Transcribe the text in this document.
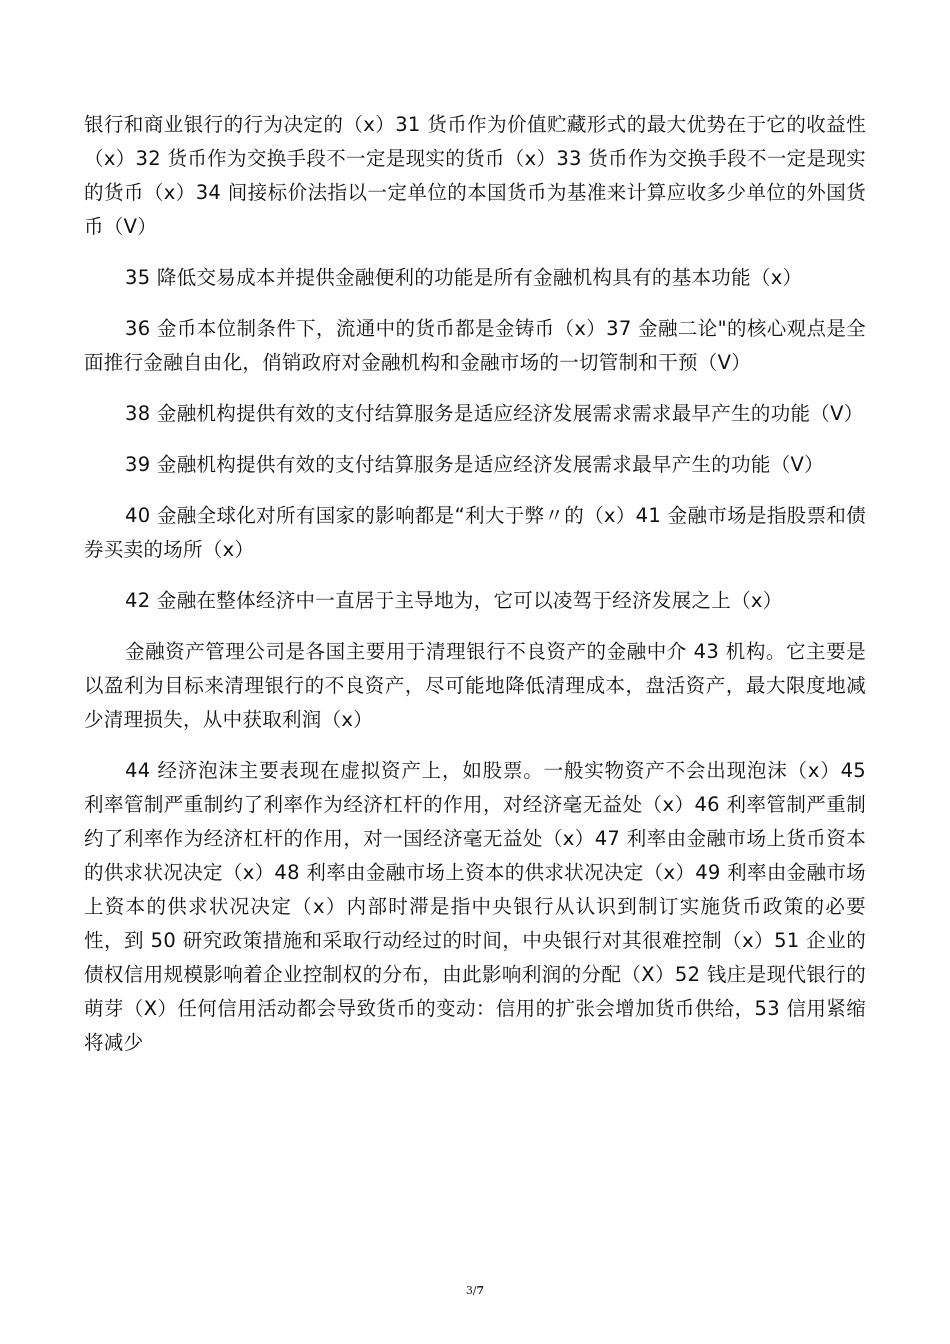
银行和商业银行的行为决定的（x）31 货币作为价值贮藏形式的最大优势在于它的收益性（x）32 货币作为交换手段不一定是现实的货币（x）33 货币作为交换手段不一定是现实的货币（x）34 间接标价法指以一定单位的本国货币为基准来计算应收多少单位的外国货币（V）

35 降低交易成本并提供金融便利的功能是所有金融机构具有的基本功能（x）

36 金币本位制条件下，流通中的货币都是金铸币（x）37 金融二论"的核心观点是全面推行金融自由化，俏销政府对金融机构和金融市场的一切管制和干预（V）

38 金融机构提供有效的支付结算服务是适应经济发展需求需求最早产生的功能（V）

39 金融机构提供有效的支付结算服务是适应经济发展需求最早产生的功能（V）

40 金融全球化对所有国家的影响都是“利大于弊〃的（x）41 金融市场是指股票和债券买卖的场所（x）

42 金融在整体经济中一直居于主导地为，它可以凌驾于经济发展之上（x）

金融资产管理公司是各国主要用于清理银行不良资产的金融中介 43 机构。它主要是以盈利为目标来清理银行的不良资产，尽可能地降低清理成本，盘活资产，最大限度地减少清理损失，从中获取利润（x）

44 经济泡沫主要表现在虚拟资产上，如股票。一般实物资产不会出现泡沫（x）45 利率管制严重制约了利率作为经济杠杆的作用，对经济毫无益处（x）46 利率管制严重制约了利率作为经济杠杆的作用，对一国经济毫无益处（x）47 利率由金融市场上货币资本的供求状况决定（x）48 利率由金融市场上资本的供求状况决定（x）49 利率由金融市场上资本的供求状况决定（x）内部时滞是指中央银行从认识到制订实施货币政策的必要性，到 50 研究政策措施和采取行动经过的时间，中央银行对其很难控制（x）51 企业的债权信用规模影响着企业控制权的分布，由此影响利润的分配（X）52 钱庄是现代银行的萌芽（X）任何信用活动都会导致货币的变动：信用的扩张会增加货币供给，53 信用紧缩将减少

3/7
